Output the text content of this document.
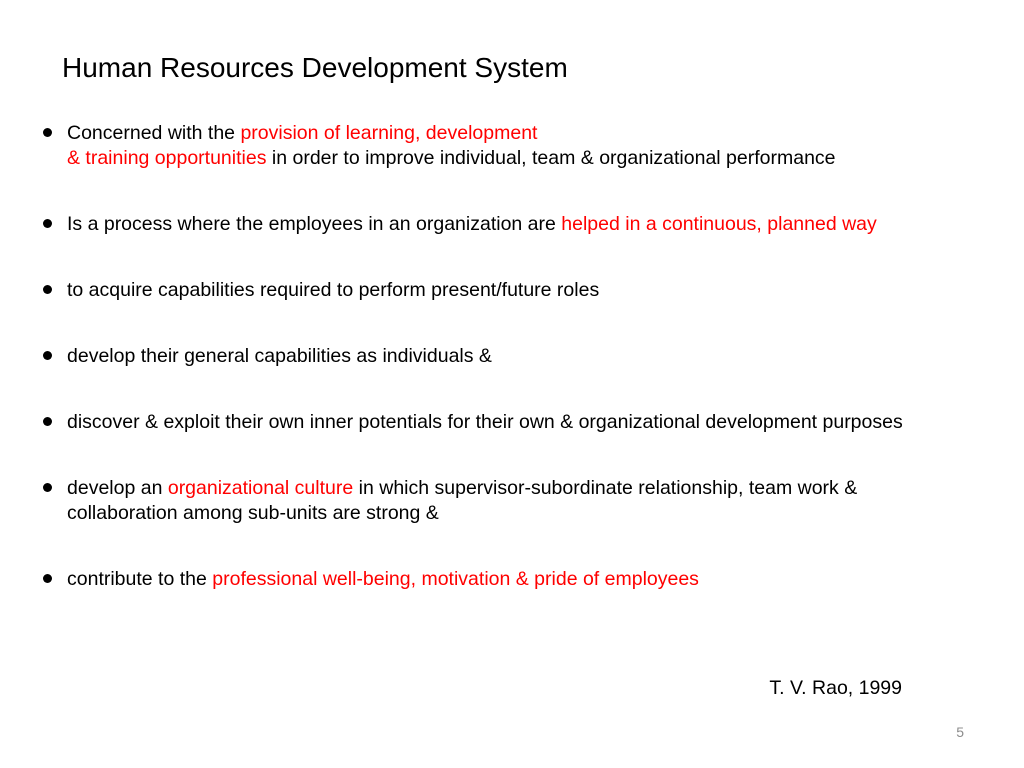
Human Resources Development System
Concerned with the provision of learning, development
& training opportunities in order to improve individual, team & organizational performance
Is a process where the employees in an organization are helped in a continuous, planned way
to acquire capabilities required to perform present/future roles
develop their general capabilities as individuals &
discover & exploit their own inner potentials for their own & organizational development purposes
develop an organizational culture in which supervisor-subordinate relationship, team work & collaboration among sub-units are strong &
contribute to the professional well-being, motivation & pride of employees
T. V. Rao, 1999
5
